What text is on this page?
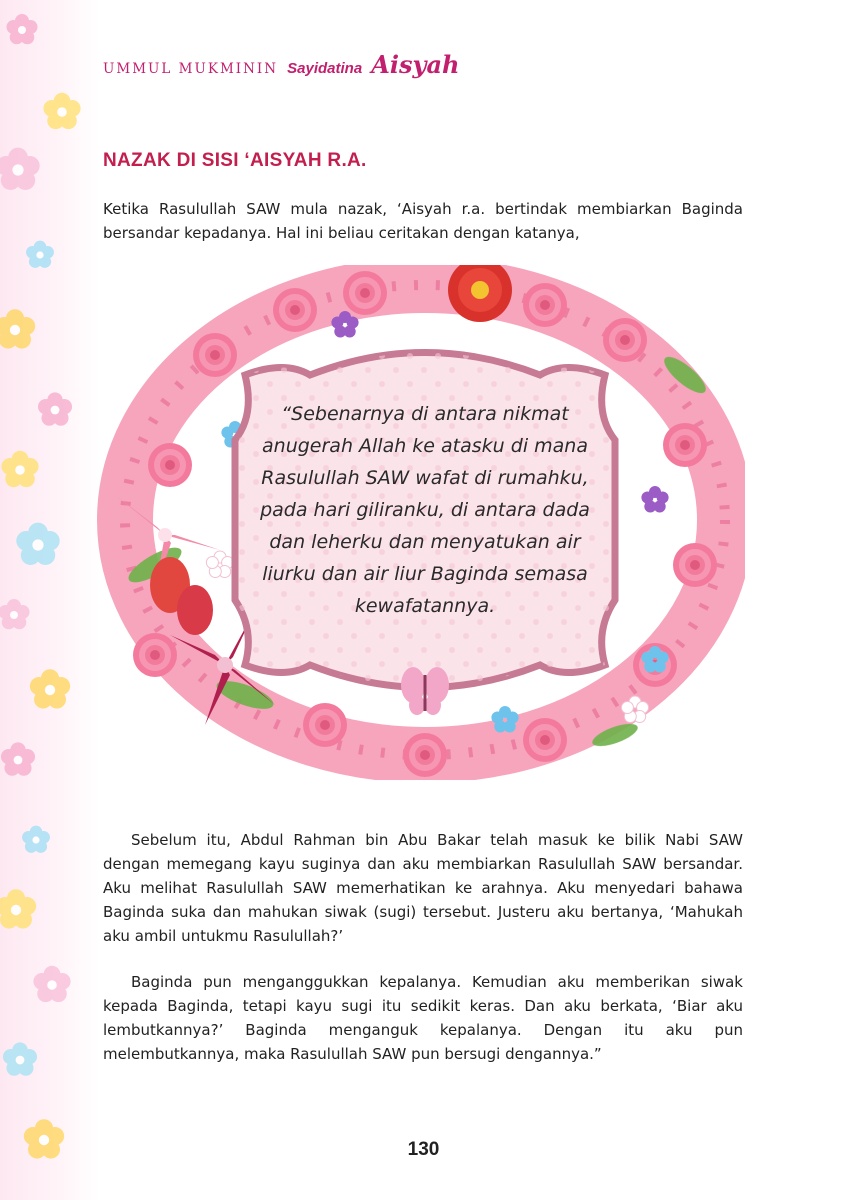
UMMUL MUKMININ Sayidatina Aisyah
NAZAK DI SISI ‘AISYAH R.A.

Ketika Rasulullah SAW mula nazak, ‘Aisyah r.a. bertindak membiarkan Baginda bersandar kepadanya. Hal ini beliau ceritakan dengan katanya,

“Sebenarnya di antara nikmat anugerah Allah ke atasku di mana Rasulullah SAW wafat di rumahku, pada hari giliranku, di antara dada dan leherku dan menyatukan air liurku dan air liur Baginda semasa kewafatannya.

Sebelum itu, Abdul Rahman bin Abu Bakar telah masuk ke bilik Nabi SAW dengan memegang kayu suginya dan aku membiarkan Rasulullah SAW bersandar. Aku melihat Rasulullah SAW memerhatikan ke arahnya. Aku menyedari bahawa Baginda suka dan mahukan siwak (sugi) tersebut. Justeru aku bertanya, ‘Mahukah aku ambil untukmu Rasulullah?’

Baginda pun menganggukkan kepalanya. Kemudian aku memberikan siwak kepada Baginda, tetapi kayu sugi itu sedikit keras. Dan aku berkata, ‘Biar aku lembutkannya?’ Baginda menganguk kepalanya. Dengan itu aku pun melembutkannya, maka Rasulullah SAW pun bersugi dengannya.”

130
